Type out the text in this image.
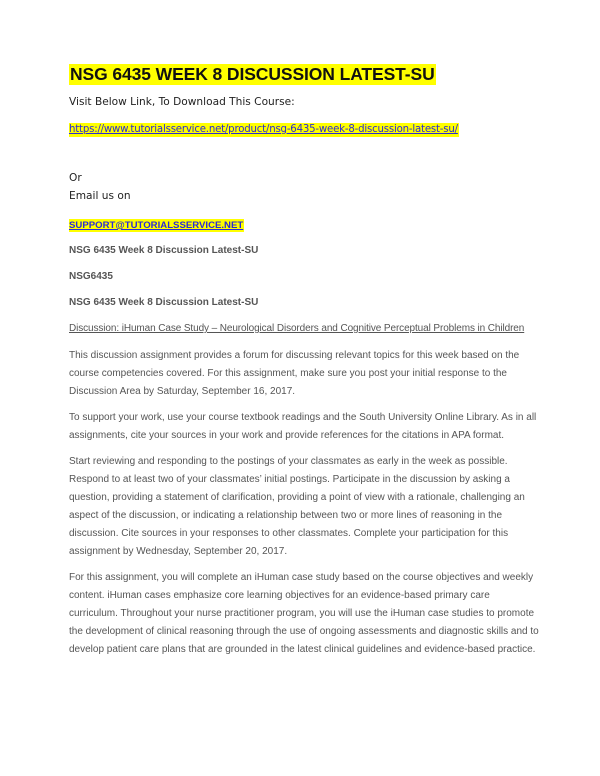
NSG 6435 WEEK 8 DISCUSSION LATEST-SU
Visit Below Link, To Download This Course:
https://www.tutorialsservice.net/product/nsg-6435-week-8-discussion-latest-su/
Or
Email us on
SUPPORT@TUTORIALSSERVICE.NET
NSG 6435 Week 8 Discussion Latest-SU
NSG6435
NSG 6435 Week 8 Discussion Latest-SU
Discussion: iHuman Case Study – Neurological Disorders and Cognitive Perceptual Problems in Children

This discussion assignment provides a forum for discussing relevant topics for this week based on the course competencies covered. For this assignment, make sure you post your initial response to the Discussion Area by Saturday, September 16, 2017.

To support your work, use your course textbook readings and the South University Online Library. As in all assignments, cite your sources in your work and provide references for the citations in APA format.

Start reviewing and responding to the postings of your classmates as early in the week as possible. Respond to at least two of your classmates’ initial postings. Participate in the discussion by asking a question, providing a statement of clarification, providing a point of view with a rationale, challenging an aspect of the discussion, or indicating a relationship between two or more lines of reasoning in the discussion. Cite sources in your responses to other classmates. Complete your participation for this assignment by Wednesday, September 20, 2017.

For this assignment, you will complete an iHuman case study based on the course objectives and weekly content. iHuman cases emphasize core learning objectives for an evidence-based primary care curriculum. Throughout your nurse practitioner program, you will use the iHuman case studies to promote the development of clinical reasoning through the use of ongoing assessments and diagnostic skills and to develop patient care plans that are grounded in the latest clinical guidelines and evidence-based practice.
